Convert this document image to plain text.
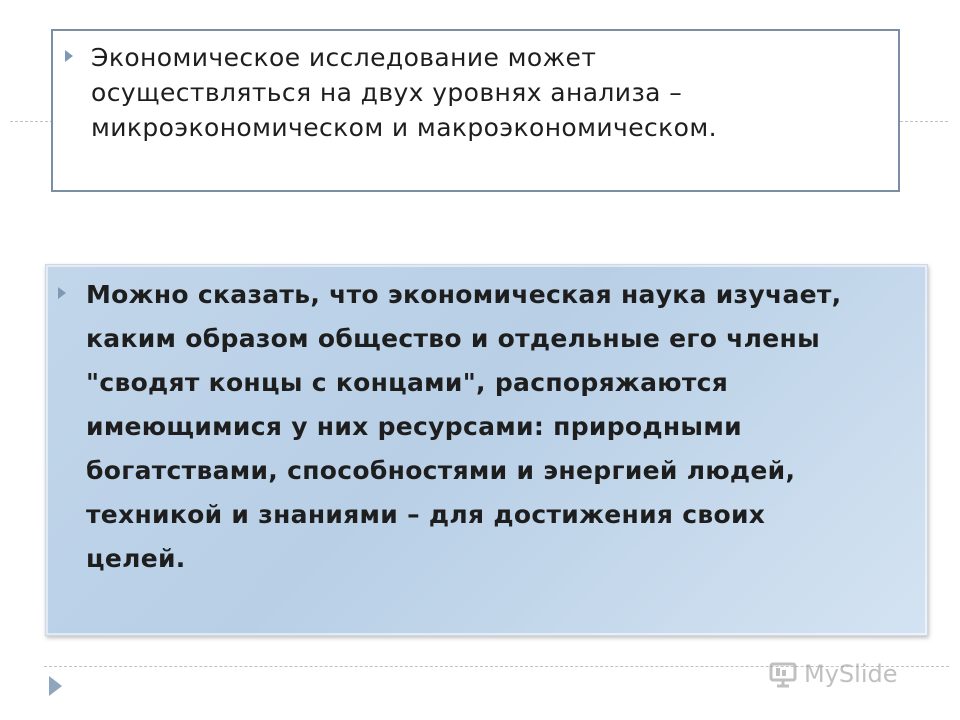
Экономическое исследование может
осуществляться на двух уровнях анализа –
микроэкономическом и макроэкономическом.
Можно сказать, что экономическая наука изучает,
каким образом общество и отдельные его члены
"сводят концы с концами", распоряжаются
имеющимися у них ресурсами: природными
богатствами, способностями и энергией людей,
техникой и знаниями – для достижения своих
целей.
MySlide
